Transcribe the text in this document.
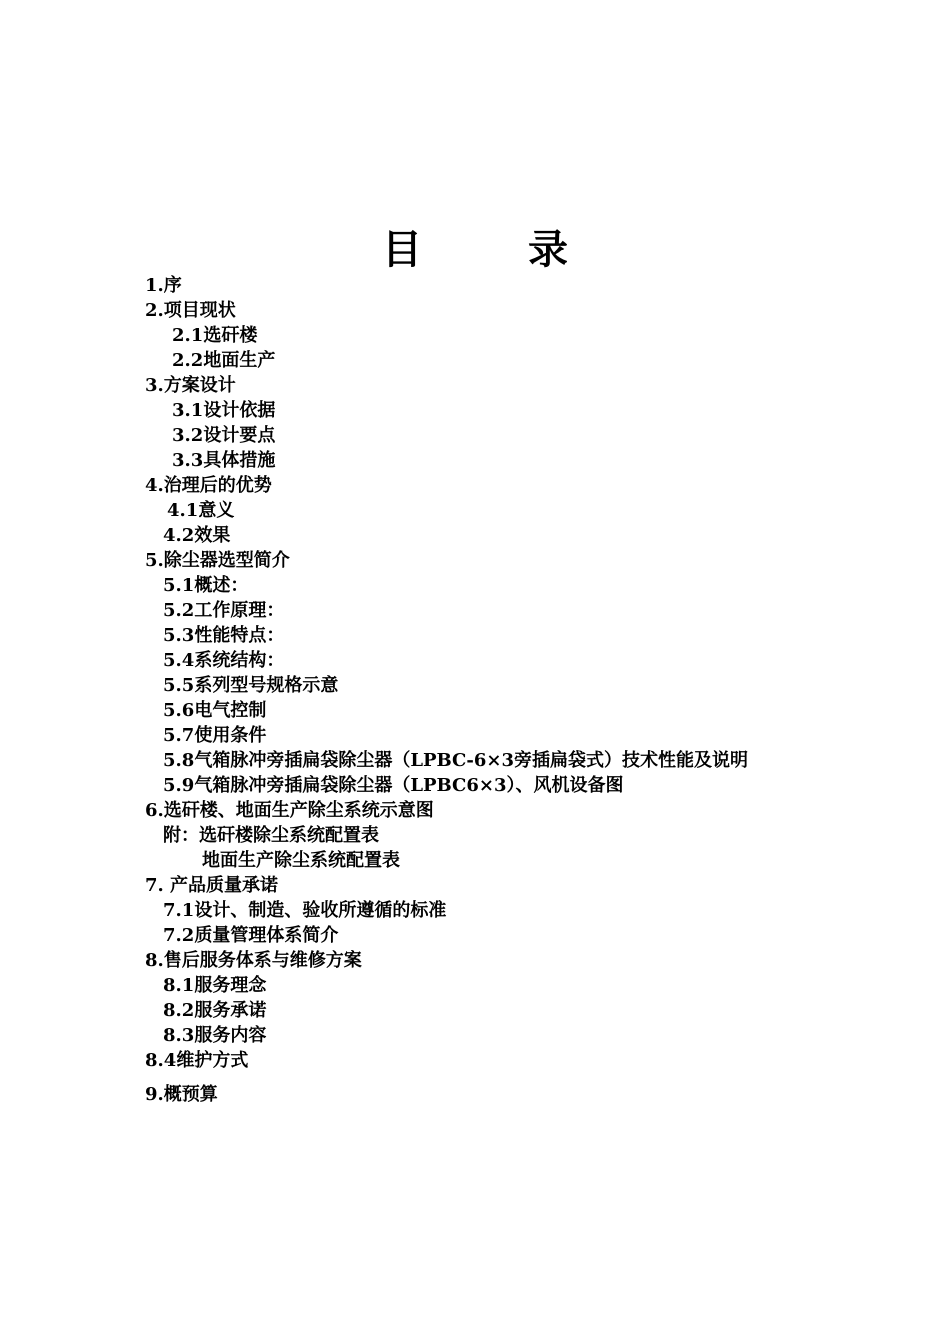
目 录
1.序
2.项目现状
2.1选矸楼
2.2地面生产
3.方案设计
3.1设计依据
3.2设计要点
3.3具体措施
4.治理后的优势
4.1意义
4.2效果
5.除尘器选型简介
5.1概述：
5.2工作原理：
5.3性能特点：
5.4系统结构：
5.5系列型号规格示意
5.6电气控制
5.7使用条件
5.8气箱脉冲旁插扁袋除尘器（LPBC-6×3旁插扁袋式）技术性能及说明
5.9气箱脉冲旁插扁袋除尘器（LPBC6×3）、风机设备图
6.选矸楼、地面生产除尘系统示意图
附：选矸楼除尘系统配置表
地面生产除尘系统配置表
7. 产品质量承诺
7.1设计、制造、验收所遵循的标准
7.2质量管理体系简介
8.售后服务体系与维修方案
8.1服务理念
8.2服务承诺
8.3服务内容
8.4维护方式
9.概预算
